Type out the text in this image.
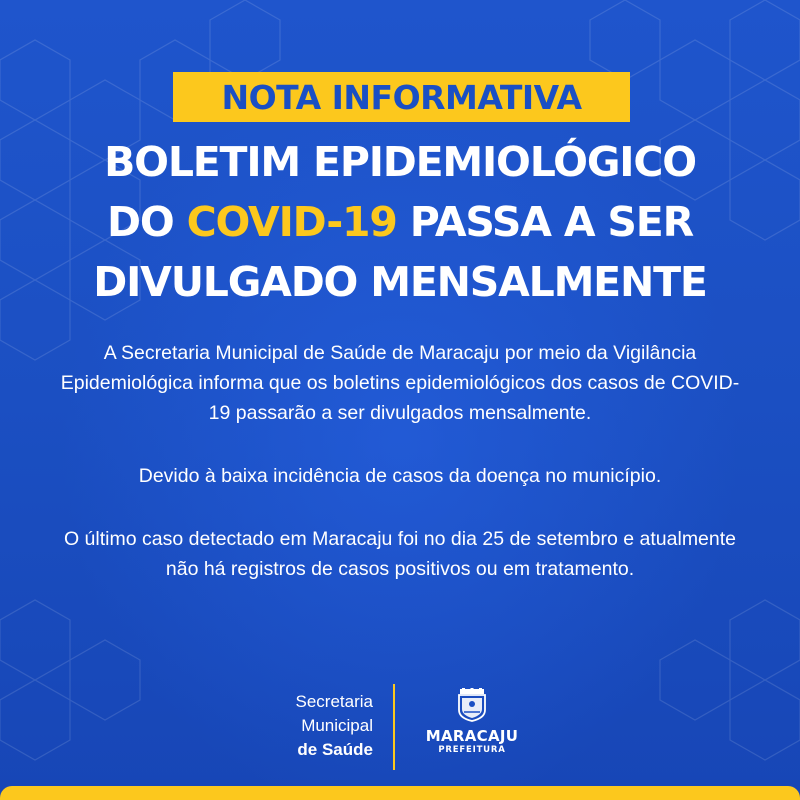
NOTA INFORMATIVA
BOLETIM EPIDEMIOLÓGICO
DO COVID-19 PASSA A SER
DIVULGADO MENSALMENTE

A Secretaria Municipal de Saúde de Maracaju por meio da Vigilância Epidemiológica informa que os boletins epidemiológicos dos casos de COVID-19 passarão a ser divulgados mensalmente.

Devido à baixa incidência de casos da doença no município.

O último caso detectado em Maracaju foi no dia 25 de setembro e atualmente não há registros de casos positivos ou em tratamento.

Secretaria
Municipal
de Saúde
MARACAJU
PREFEITURA
